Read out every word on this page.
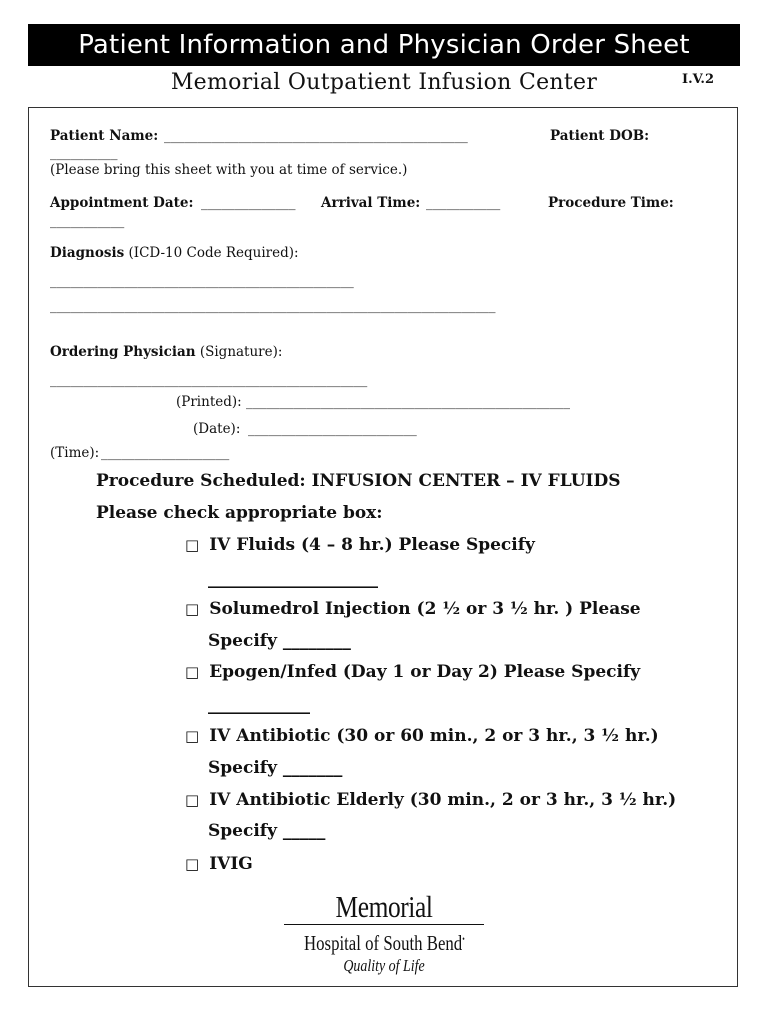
Patient Information and Physician Order Sheet
Memorial Outpatient Infusion Center	I.V.2
Patient Name: _____________________________________________	Patient DOB:
__________
(Please bring this sheet with you at time of service.)
Appointment Date: ______________ Arrival Time: ___________	Procedure Time:
___________
Diagnosis (ICD-10 Code Required):
_____________________________________________
__________________________________________________________________
Ordering Physician (Signature):
_______________________________________________
(Printed): ________________________________________________
(Date): _________________________
(Time): ___________________
Procedure Scheduled: INFUSION CENTER – IV FLUIDS
Please check appropriate box:
□ IV Fluids (4 – 8 hr.) Please Specify
____________________
□ Solumedrol Injection (2 ½ or 3 ½ hr. ) Please
Specify ________
□ Epogen/Infed (Day 1 or Day 2) Please Specify
____________
□ IV Antibiotic (30 or 60 min., 2 or 3 hr., 3 ½ hr.)
Specify _______
□ IV Antibiotic Elderly (30 min., 2 or 3 hr., 3 ½ hr.)
Specify _____
□ IVIG
Memorial
Hospital of South Bend•
Quality of Life
